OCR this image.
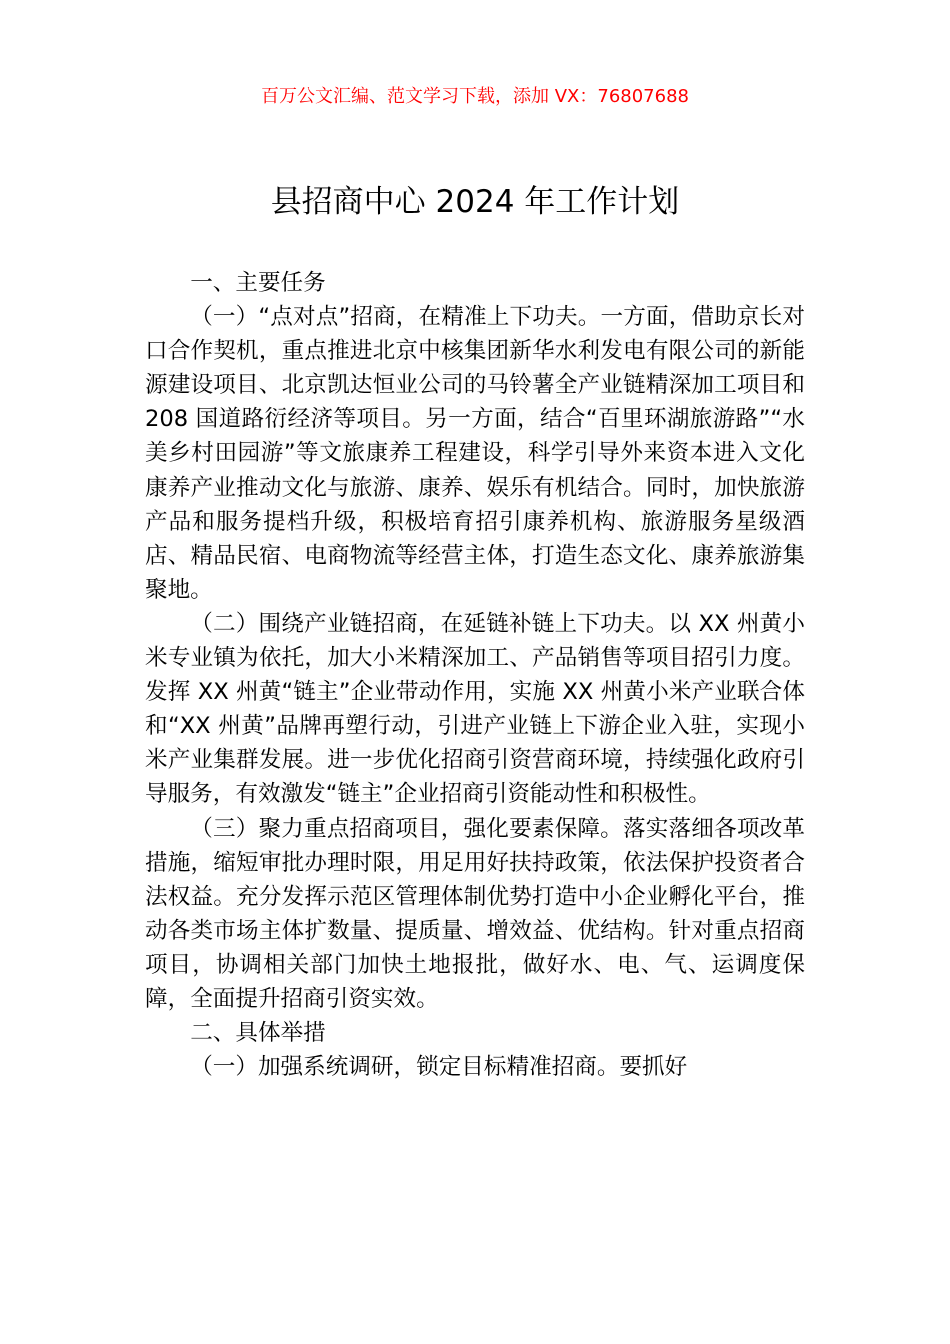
百万公文汇编、范文学习下载，添加 VX：76807688
县招商中心 2024 年工作计划

一、主要任务

（一）“点对点”招商，在精准上下功夫。一方面，借助京长对口合作契机，重点推进北京中核集团新华水利发电有限公司的新能源建设项目、北京凯达恒业公司的马铃薯全产业链精深加工项目和 208 国道路衍经济等项目。另一方面，结合“百里环湖旅游路”“水美乡村田园游”等文旅康养工程建设，科学引导外来资本进入文化康养产业推动文化与旅游、康养、娱乐有机结合。同时，加快旅游产品和服务提档升级，积极培育招引康养机构、旅游服务星级酒店、精品民宿、电商物流等经营主体，打造生态文化、康养旅游集聚地。

（二）围绕产业链招商，在延链补链上下功夫。以 XX 州黄小米专业镇为依托，加大小米精深加工、产品销售等项目招引力度。发挥 XX 州黄“链主”企业带动作用，实施 XX 州黄小米产业联合体和“XX 州黄”品牌再塑行动，引进产业链上下游企业入驻，实现小米产业集群发展。进一步优化招商引资营商环境，持续强化政府引导服务，有效激发“链主”企业招商引资能动性和积极性。

（三）聚力重点招商项目，强化要素保障。落实落细各项改革措施，缩短审批办理时限，用足用好扶持政策，依法保护投资者合法权益。充分发挥示范区管理体制优势打造中小企业孵化平台，推动各类市场主体扩数量、提质量、增效益、优结构。针对重点招商项目，协调相关部门加快土地报批，做好水、电、气、运调度保障，全面提升招商引资实效。

二、具体举措

（一）加强系统调研，锁定目标精准招商。要抓好
